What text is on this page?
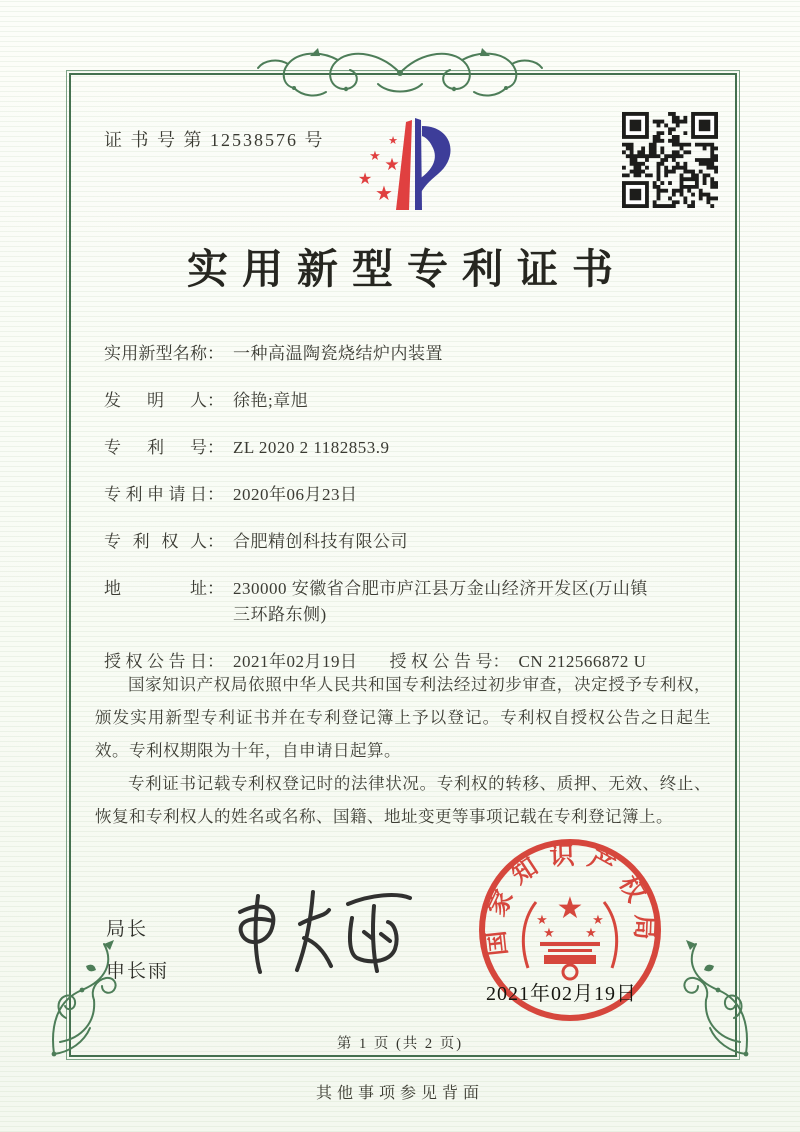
证 书 号 第 12538576 号	★
★ ★
★
★
实用新型专利证书
实用新型名称 ： 一种高温陶瓷烧结炉内装置
发明人 ： 徐艳;章旭
专利号 ： ZL 2020 2 1182853.9
专利申请日 ： 2020年06月23日
专利权人 ： 合肥精创科技有限公司
地址 ： 230000 安徽省合肥市庐江县万金山经济开发区(万山镇三环路东侧)
授权公告日 ： 2021年02月19日 授权公告号 ： CN 212566872 U

国家知识产权局依照中华人民共和国专利法经过初步审查，决定授予专利权，颁发实用新型专利证书并在专利登记簿上予以登记。专利权自授权公告之日起生效。专利权期限为十年，自申请日起算。

专利证书记载专利权登记时的法律状况。专利权的转移、质押、无效、终止、恢复和专利权人的姓名或名称、国籍、地址变更等事项记载在专利登记簿上。

局长
申长雨
国家知识产权局
★
★	★
★ ★
2021年02月19日
第 1 页 (共 2 页)
其他事项参见背面
